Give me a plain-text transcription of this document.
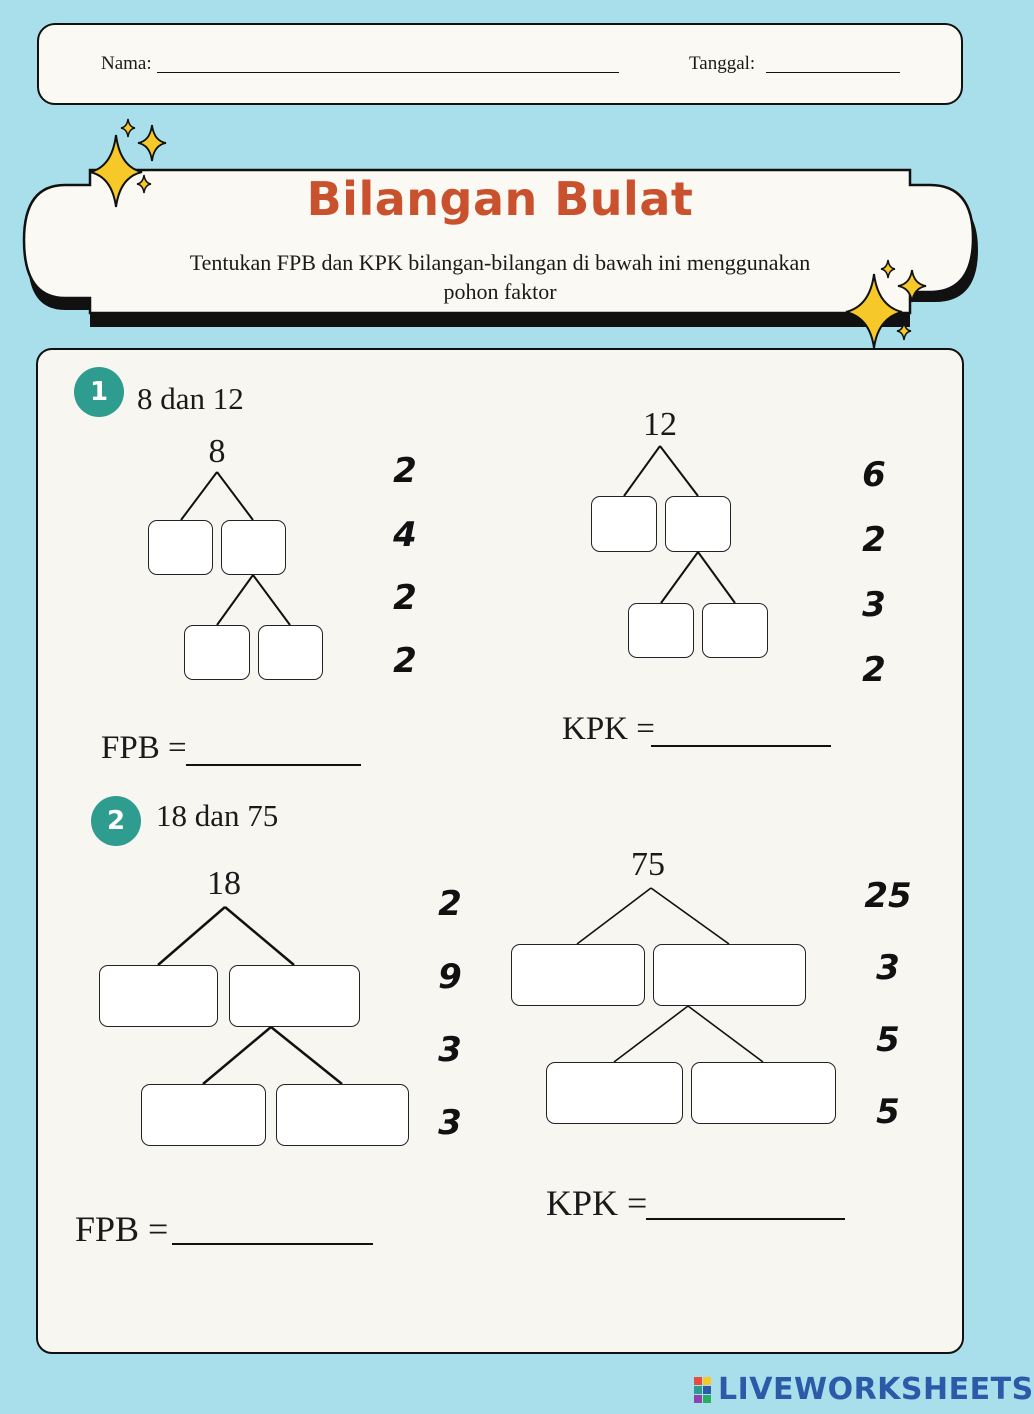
Nama:	Tanggal:
Bilangan Bulat
Tentukan FPB dan KPK bilangan-bilangan di bawah ini menggunakan pohon faktor
1 8 dan 12
8	2
4
2
2
12
6
2
3
2
FPB =
KPK =
2 18 dan 75
18
2
9
3
3
75
25
3
5
5
FPB =
KPK =
LIVEWORKSHEETS
